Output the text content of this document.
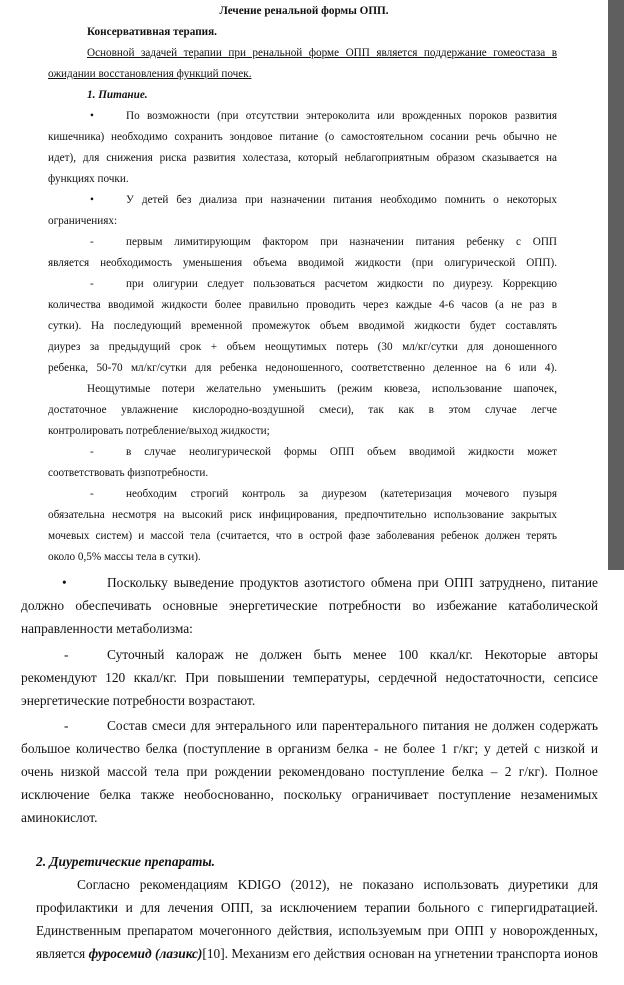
Лечение ренальной формы ОПП.
Консервативная терапия.
Основной задачей терапии при ренальной форме ОПП является поддержание гомеостаза в
ожидании восстановления функций почек.
1. Питание.
•	По возможности (при отсутствии энтероколита или врожденных пороков развития
кишечника) необходимо сохранить зондовое питание (о самостоятельном сосании речь обычно не
идет), для снижения риска развития холестаза, который неблагоприятным образом сказывается на
функциях почки.
•	У детей без диализа при назначении питания необходимо помнить о некоторых
ограничениях:
-	первым лимитирующим фактором при назначении питания ребенку с ОПП
является необходимость уменьшения объема вводимой жидкости (при олигурической ОПП).
-	при олигурии следует пользоваться расчетом жидкости по диурезу. Коррекцию
количества вводимой жидкости более правильно проводить через каждые 4-6 часов (а не раз в
сутки). На последующий временной промежуток объем вводимой жидкости будет составлять
диурез за предыдущий срок + объем неощутимых потерь (30 мл/кг/сутки для доношенного
ребенка, 50-70 мл/кг/сутки для ребенка недоношенного, соответственно деленное на 6 или 4).
Неощутимые потери желательно уменьшить (режим кювеза, использование шапочек,
достаточное увлажнение кислородно-воздушной смеси), так как в этом случае легче
контролировать потребление/выход жидкости;
-	в случае неолигурической формы ОПП объем вводимой жидкости может
соответствовать физпотребности.
-	необходим строгий контроль за диурезом (катетеризация мочевого пузыря
обязательна несмотря на высокий риск инфицирования, предпочтительно использование закрытых
мочевых систем) и массой тела (считается, что в острой фазе заболевания ребенок должен терять
около 0,5% массы тела в сутки).
•	Поскольку выведение продуктов азотистого обмена при ОПП затруднено, питание
должно обеспечивать основные энергетические потребности во избежание катаболической
направленности метаболизма:
-	Суточный калораж не должен быть менее 100 ккал/кг. Некоторые авторы
рекомендуют 120 ккал/кг. При повышении температуры, сердечной недостаточности, сепсисе
энергетические потребности возрастают.
-	Состав смеси для энтерального или парентерального питания не должен содержать
большое количество белка (поступление в организм белка - не более 1 г/кг; у детей с низкой и
очень низкой массой тела при рождении рекомендовано поступление белка – 2 г/кг). Полное
исключение белка также необоснованно, поскольку ограничивает поступление незаменимых
аминокислот.
2. Диуретические препараты.
Согласно рекомендациям KDIGO (2012), не показано использовать диуретики для
профилактики и для лечения ОПП, за исключением терапии больного с гипергидратацией.
Единственным препаратом мочегонного действия, используемым при ОПП у новорожденных,
является фуросемид (лазикс)[10]. Механизм его действия основан на угнетении транспорта ионов
